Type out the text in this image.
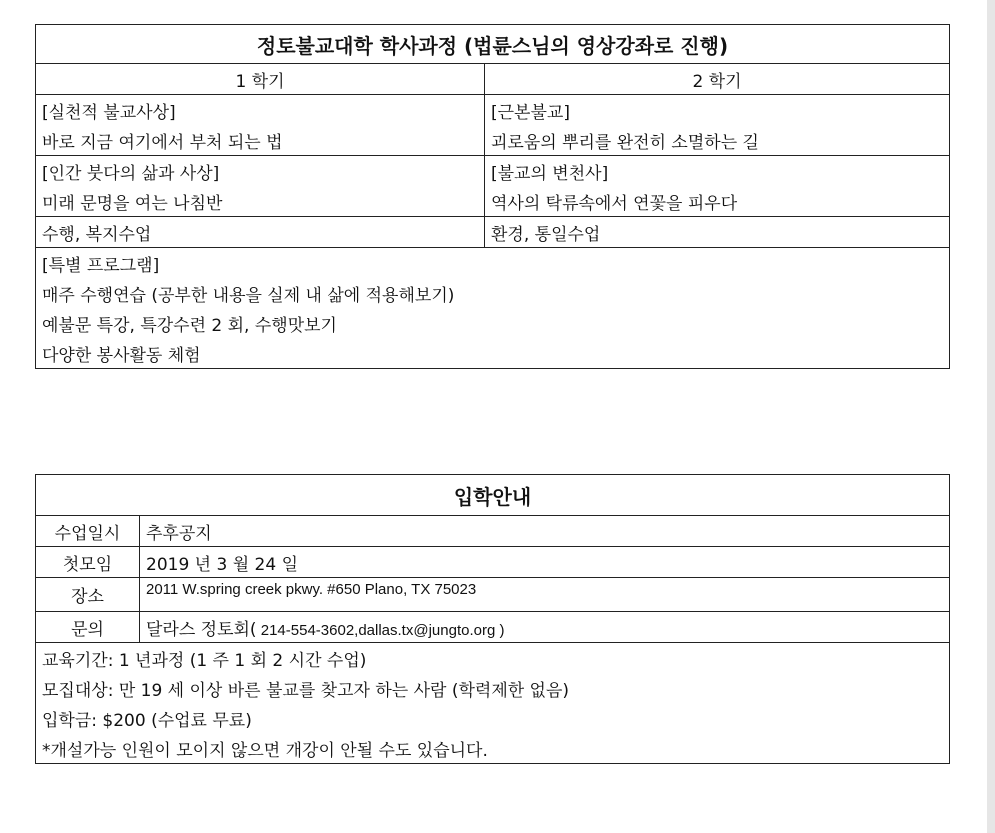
정토불교대학 학사과정 (법륜스님의 영상강좌로 진행)	
1 학기	2 학기
[실천적 불교사상]	[근본불교]
바로 지금 여기에서 부처 되는 법	괴로움의 뿌리를 완전히 소멸하는 길
[인간 붓다의 삶과 사상]	[불교의 변천사]
미래 문명을 여는 나침반	역사의 탁류속에서 연꽃을 피우다
수행, 복지수업	환경, 통일수업
[특별 프로그램]	
매주 수행연습 (공부한 내용을 실제 내 삶에 적용해보기)	
예불문 특강, 특강수련 2 회, 수행맛보기	
다양한 봉사활동 체험	
입학안내	
수업일시	추후공지
첫모임	2019 년 3 월 24 일
장소	2011 W.spring creek pkwy. #650 Plano, TX 75023
문의	달라스 정토회( 214-554-3602,dallas.tx@jungto.org )
교육기간: 1 년과정 (1 주 1 회 2 시간 수업)	
모집대상: 만 19 세 이상 바른 불교를 찾고자 하는 사람 (학력제한 없음)	
입학금: $200 (수업료 무료)	
*개설가능 인원이 모이지 않으면 개강이 안될 수도 있습니다.	
